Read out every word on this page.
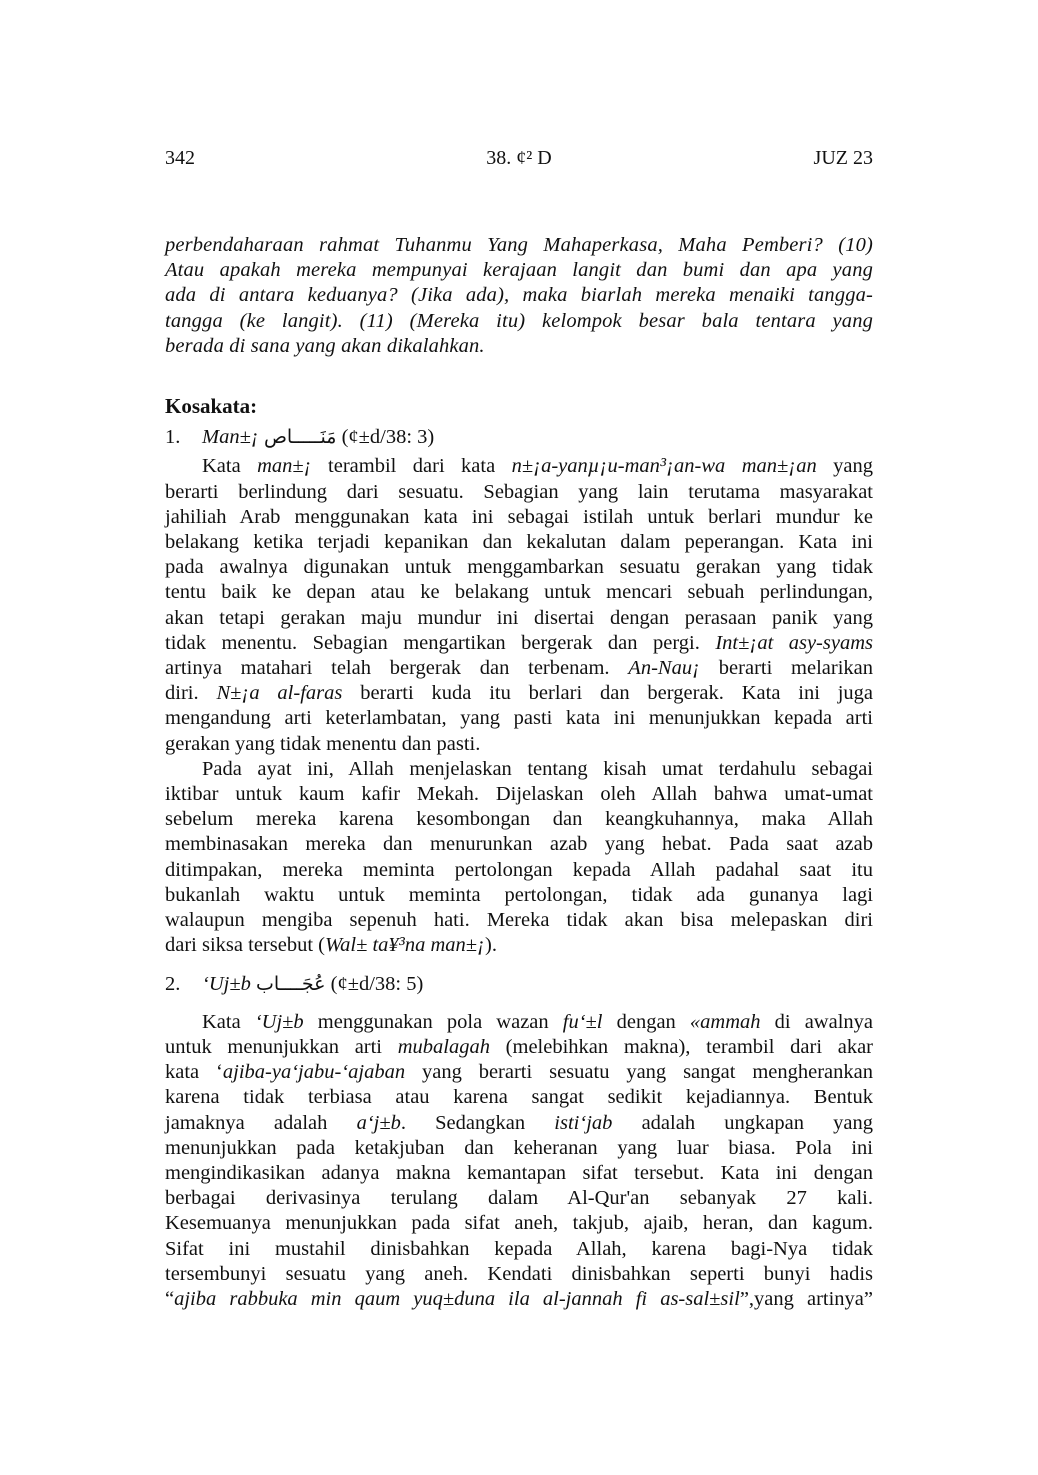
342	38. ¢² D	JUZ 23
perbendaharaan rahmat Tuhanmu Yang Mahaperkasa, Maha Pemberi? (10)
Atau apakah mereka mempunyai kerajaan langit dan bumi dan apa yang
ada di antara keduanya? (Jika ada), maka biarlah mereka menaiki tangga-
tangga (ke langit). (11) (Mereka itu) kelompok besar bala tentara yang
berada di sana yang akan dikalahkan.
Kosakata:
1. Man±¡ مَنَـــــاص (¢±d/38: 3)
Kata man±¡ terambil dari kata n±¡a-yanµ¡u-man³¡an-wa man±¡an yang
berarti berlindung dari sesuatu. Sebagian yang lain terutama masyarakat
jahiliah Arab menggunakan kata ini sebagai istilah untuk berlari mundur ke
belakang ketika terjadi kepanikan dan kekalutan dalam peperangan. Kata ini
pada awalnya digunakan untuk menggambarkan sesuatu gerakan yang tidak
tentu baik ke depan atau ke belakang untuk mencari sebuah perlindungan,
akan tetapi gerakan maju mundur ini disertai dengan perasaan panik yang
tidak menentu. Sebagian mengartikan bergerak dan pergi. Int±¡at asy-syams
artinya matahari telah bergerak dan terbenam. An-Nau¡ berarti melarikan
diri. N±¡a al-faras berarti kuda itu berlari dan bergerak. Kata ini juga
mengandung arti keterlambatan, yang pasti kata ini menunjukkan kepada arti
gerakan yang tidak menentu dan pasti.
Pada ayat ini, Allah menjelaskan tentang kisah umat terdahulu sebagai
iktibar untuk kaum kafir Mekah. Dijelaskan oleh Allah bahwa umat-umat
sebelum mereka karena kesombongan dan keangkuhannya, maka Allah
membinasakan mereka dan menurunkan azab yang hebat. Pada saat azab
ditimpakan, mereka meminta pertolongan kepada Allah padahal saat itu
bukanlah waktu untuk meminta pertolongan, tidak ada gunanya lagi
walaupun mengiba sepenuh hati. Mereka tidak akan bisa melepaskan diri
dari siksa tersebut (Wal± ta¥³na man±¡).
2. ‘Uj±b عُجَــــاب (¢±d/38: 5)
Kata ‘Uj±b menggunakan pola wazan fu‘±l dengan «ammah di awalnya
untuk menunjukkan arti mubalagah (melebihkan makna), terambil dari akar
kata ‘ajiba-ya‘jabu-‘ajaban yang berarti sesuatu yang sangat mengherankan
karena tidak terbiasa atau karena sangat sedikit kejadiannya. Bentuk
jamaknya adalah a‘j±b. Sedangkan isti‘jab adalah ungkapan yang
menunjukkan pada ketakjuban dan keheranan yang luar biasa. Pola ini
mengindikasikan adanya makna kemantapan sifat tersebut. Kata ini dengan
berbagai derivasinya terulang dalam Al-Qur'an sebanyak 27 kali.
Kesemuanya menunjukkan pada sifat aneh, takjub, ajaib, heran, dan kagum.
Sifat ini mustahil dinisbahkan kepada Allah, karena bagi-Nya tidak
tersembunyi sesuatu yang aneh. Kendati dinisbahkan seperti bunyi hadis
“ajiba rabbuka min qaum yuq±duna ila al-jannah fi as-sal±sil”,yang artinya”
